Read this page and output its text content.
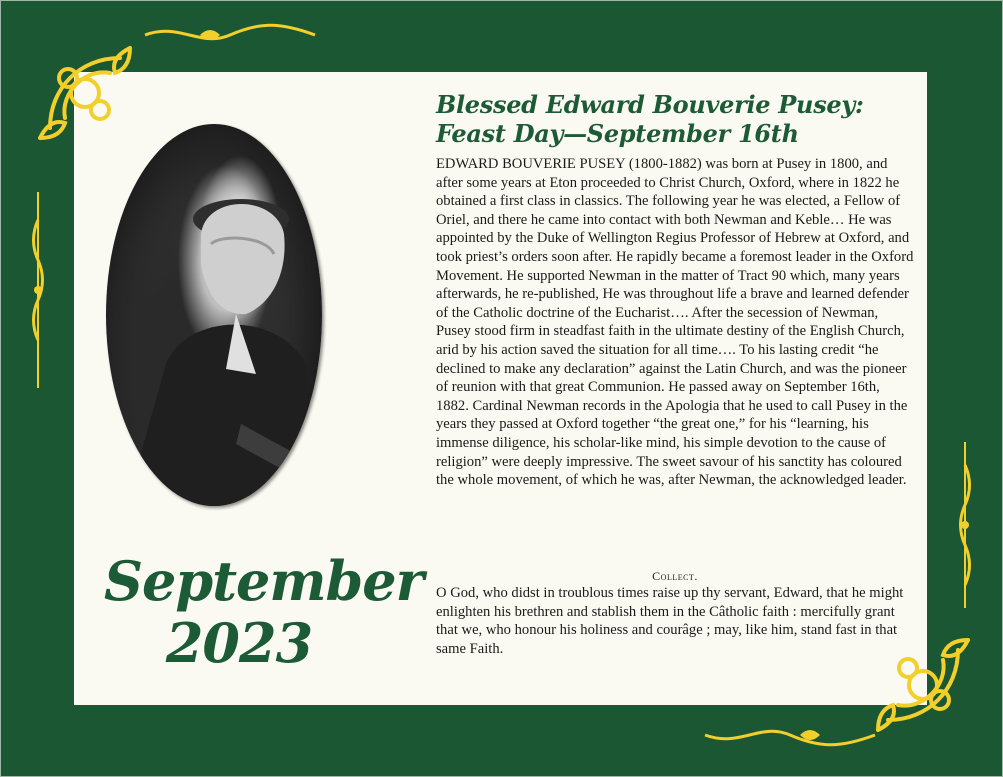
September
2023
Blessed Edward Bouverie Pusey:
Feast Day—September 16th

EDWARD BOUVERIE PUSEY (1800-1882) was born at Pusey in 1800, and after some years at Eton proceeded to Christ Church, Oxford, where in 1822 he obtained a first class in classics. The following year he was elected, a Fellow of Oriel, and there he came into contact with both Newman and Keble… He was appointed by the Duke of Wellington Regius Professor of Hebrew at Oxford, and took priest’s orders soon after. He rapidly became a foremost leader in the Oxford Movement. He supported Newman in the matter of Tract 90 which, many years afterwards, he re-published, He was throughout life a brave and learned defender of the Catholic doctrine of the Eucharist…. After the secession of Newman, Pusey stood firm in steadfast faith in the ultimate destiny of the English Church, arid by his action saved the situation for all time…. To his lasting credit “he declined to make any declaration” against the Latin Church, and was the pioneer of reunion with that great Communion. He passed away on September 16th, 1882. Cardinal Newman records in the Apologia that he used to call Pusey in the years they passed at Oxford together “the great one,” for his “learning, his immense diligence, his scholar-like mind, his simple devotion to the cause of religion” were deeply impressive. The sweet savour of his sanctity has coloured the whole movement, of which he was, after Newman, the acknowledged leader.

Collect.

O God, who didst in troublous times raise up thy servant, Edward, that he might enlighten his brethren and stablish them in the Câtholic faith : mercifully grant that we, who honour his holiness and courâge ; may, like him, stand fast in that same Faith.
